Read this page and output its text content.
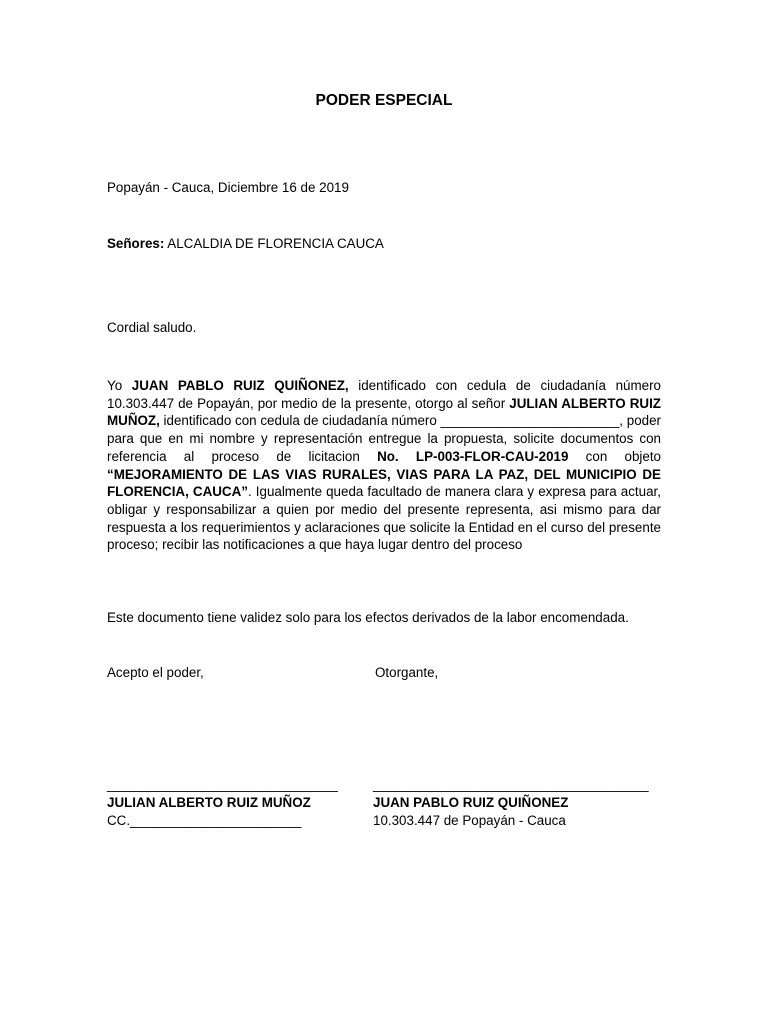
PODER ESPECIAL
Popayán - Cauca, Diciembre 16 de 2019
Señores: ALCALDIA DE FLORENCIA CAUCA
Cordial saludo.
Yo JUAN PABLO RUIZ QUIÑONEZ, identificado con cedula de ciudadanía número 10.303.447 de Popayán, por medio de la presente, otorgo al señor JULIAN ALBERTO RUIZ MUÑOZ, identificado con cedula de ciudadanía número ________________________, poder para que en mi nombre y representación entregue la propuesta, solicite documentos con referencia al proceso de licitacion No. LP-003-FLOR-CAU-2019 con objeto “MEJORAMIENTO DE LAS VIAS RURALES, VIAS PARA LA PAZ, DEL MUNICIPIO DE FLORENCIA, CAUCA”. Igualmente queda facultado de manera clara y expresa para actuar, obligar y responsabilizar a quien por medio del presente representa, asi mismo para dar respuesta a los requerimientos y aclaraciones que solicite la Entidad en el curso del presente proceso; recibir las notificaciones a que haya lugar dentro del proceso
Este documento tiene validez solo para los efectos derivados de la labor encomendada.
Acepto el poder,	Otorgante,
_______________________________
JULIAN ALBERTO RUIZ MUÑOZ
CC._______________________
_____________________________________
JUAN PABLO RUIZ QUIÑONEZ
10.303.447 de Popayán - Cauca
